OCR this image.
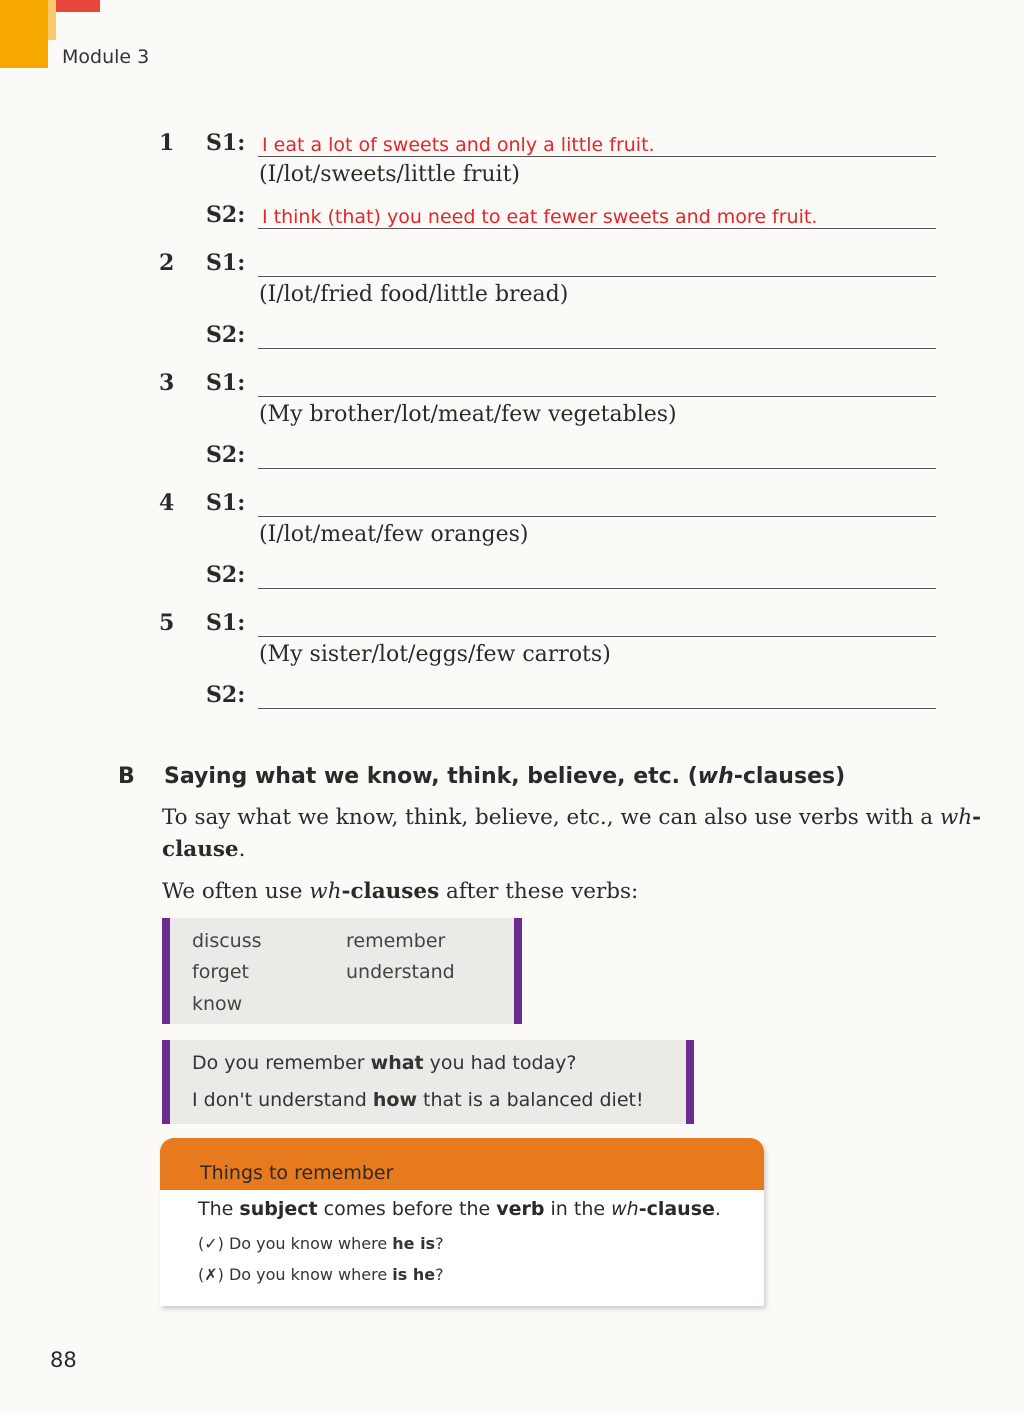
Module 3
1 S1: I eat a lot of sweets and only a little fruit.
(I/lot/sweets/little fruit)
S2: I think (that) you need to eat fewer sweets and more fruit.
2 S1:
(I/lot/fried food/little bread)
S2:
3 S1:
(My brother/lot/meat/few vegetables)
S2:
4 S1:
(I/lot/meat/few oranges)
S2:
5 S1:
(My sister/lot/eggs/few carrots)
S2:
B Saying what we know, think, believe, etc. (wh-clauses)
To say what we know, think, believe, etc., we can also use verbs with a wh-clause.
We often use wh-clauses after these verbs:
discuss
forget
know
remember
understand
Do you remember what you had today?
I don't understand how that is a balanced diet!
Things to remember
The subject comes before the verb in the wh-clause.
(✓) Do you know where he is?
(✗) Do you know where is he?
88
